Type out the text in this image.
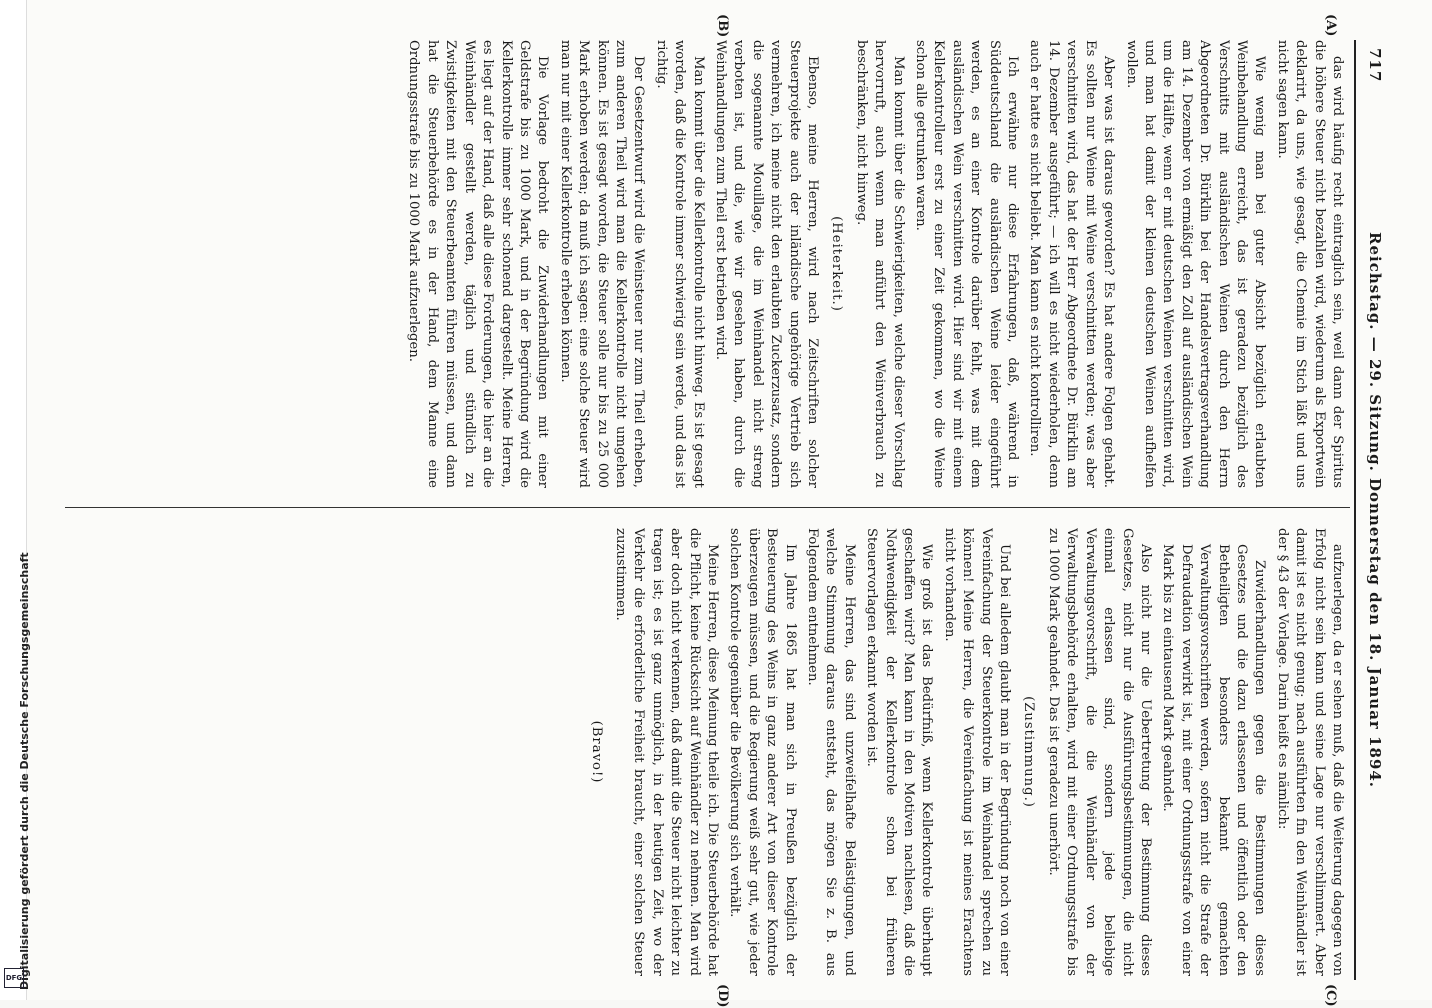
Digitalisierung gefördert durch die Deutsche Forschungsgemeinschaft
DFG
717
Reichstag. — 29. Sitzung. Donnerstag den 18. Januar 1894.
(A)
(B)
(C)
(D)

das wird häufig recht eintraglich sein, weil dann der Spiritus die höhere Steuer nicht bezahlen wird, wiederum als Exportwein deklarirt, da uns, wie gesagt, die Chemie im Stich läßt und uns nicht sagen kann.

Wie wenig man bei guter Absicht bezüglich erlaubten Weinbehandlung erreicht, das ist geradezu bezüglich des Verschnitts mit ausländischen Weinen durch den Herrn Abgeordneten Dr. Bürklin bei der Handelsvertragsverhandlung am 14. Dezember von ermäßigt den Zoll auf ausländischen Wein um die Hälfte, wenn er mit deutschen Weinen verschnitten wird, und man hat damit der kleinen deutschen Weinen aufhelfen wollen.

Aber was ist daraus geworden? Es hat andere Folgen gehabt. Es sollten nur Weine mit Weine verschnitten werden; was aber verschnitten wird, das hat der Herr Abgeordnete Dr. Bürklin am 14. Dezember ausgeführt; — ich will es nicht wiederholen, denn auch er hatte es nicht beliebt. Man kann es nicht kontrolliren.

Ich erwähne nur diese Erfahrungen, daß, während in Süddeutschland die ausländischen Weine leider eingeführt werden, es an einer Kontrole darüber fehlt, was mit dem ausländischen Wein verschnitten wird. Hier sind wir mit einem Kellerkontrolleur erst zu einer Zeit gekommen, wo die Weine schon alle getrunken waren.

Man kommt über die Schwierigkeiten, welche dieser Vorschlag hervorruft, auch wenn man anführt den Weinverbrauch zu beschränken, nicht hinweg.

(Heiterkeit.)

Ebenso, meine Herren, wird nach Zeitschriften solcher Steuerprojekte auch der inländische ungehörige Vertrieb sich vermehren, ich meine nicht den erlaubten Zuckerzusatz, sondern die sogenannte Mouillage, die im Weinhandel nicht streng verboten ist, und die, wie wir gesehen haben, durch die Weinhandlungen zum Theil erst betrieben wird.

Man kommt über die Kellerkontrolle nicht hinweg. Es ist gesagt worden, daß die Kontrole immer schwierig sein werde, und das ist richtig.

Der Gesetzentwurf wird die Weinsteuer nur zum Theil erheben, zum anderen Theil wird man die Kellerkontrolle nicht umgehen können. Es ist gesagt worden, die Steuer solle nur bis zu 25 000 Mark erhoben werden; da muß ich sagen: eine solche Steuer wird man nur mit einer Kellerkontrolle erheben können.

Die Vorlage bedroht die Zuwiderhandlungen mit einer Geldstrafe bis zu 1000 Mark, und in der Begründung wird die Kellerkontrolle immer sehr schonend dargestellt. Meine Herren, es liegt auf der Hand, daß alle diese Forderungen, die hier an die Weinhändler gestellt werden, täglich und stündlich zu Zwistigkeiten mit den Steuerbeamten führen müssen, und dann hat die Steuerbehörde es in der Hand, dem Manne eine Ordnungsstrafe bis zu 1000 Mark aufzuerlegen.

aufzuerlegen, da er sehen muß, daß die Weiterung dagegen von Erfolg nicht sein kann und seine Lage nur verschlimmert. Aber damit ist es nicht genug; nach ausführten fin den Weinhändler ist der § 43 der Vorlage. Darin heißt es nämlich:

Zuwiderhandlungen gegen die Bestimmungen dieses Gesetzes und die dazu erlassenen und öffentlich oder den Betheiligten besonders bekannt gemachten Verwaltungsvorschriften werden, sofern nicht die Strafe der Defraudation verwirkt ist, mit einer Ordnungsstrafe von einer Mark bis zu eintausend Mark geahndet.

Also nicht nur die Uebertretung der Bestimmung dieses Gesetzes, nicht nur die Ausführungsbestimmungen, die nicht einmal erlassen sind, sondern jede beliebige Verwaltungsvorschrift, die die Weinhändler von der Verwaltungsbehörde erhalten, wird mit einer Ordnungsstrafe bis zu 1000 Mark geahndet. Das ist geradezu unerhört.

(Zustimmung.)

Und bei alledem glaubt man in der Begründung noch von einer Vereinfachung der Steuerkontrole im Weinhandel sprechen zu können! Meine Herren, die Vereinfachung ist meines Erachtens nicht vorhanden.

Wie groß ist das Bedürfniß, wenn Kellerkontrole überhaupt geschaffen wird? Man kann in den Motiven nachlesen, daß die Nothwendigkeit der Kellerkontrole schon bei früheren Steuervorlagen erkannt worden ist.

Meine Herren, das sind unzweifelhafte Belästigungen, und welche Stimmung daraus entsteht, das mögen Sie z. B. aus Folgendem entnehmen.

Im Jahre 1865 hat man sich in Preußen bezüglich der Besteuerung des Weins in ganz anderer Art von dieser Kontrole überzeugen müssen, und die Regierung weiß sehr gut, wie jeder solchen Kontrole gegenüber die Bevölkerung sich verhält.

Meine Herren, diese Meinung theile ich. Die Steuerbehörde hat die Pflicht, keine Rücksicht auf Weinhändler zu nehmen. Man wird aber doch nicht verkennen, daß damit die Steuer nicht leichter zu tragen ist; es ist ganz unmöglich, in der heutigen Zeit, wo der Verkehr die erforderliche Freiheit braucht, einer solchen Steuer zuzustimmen.

(Bravo!)
